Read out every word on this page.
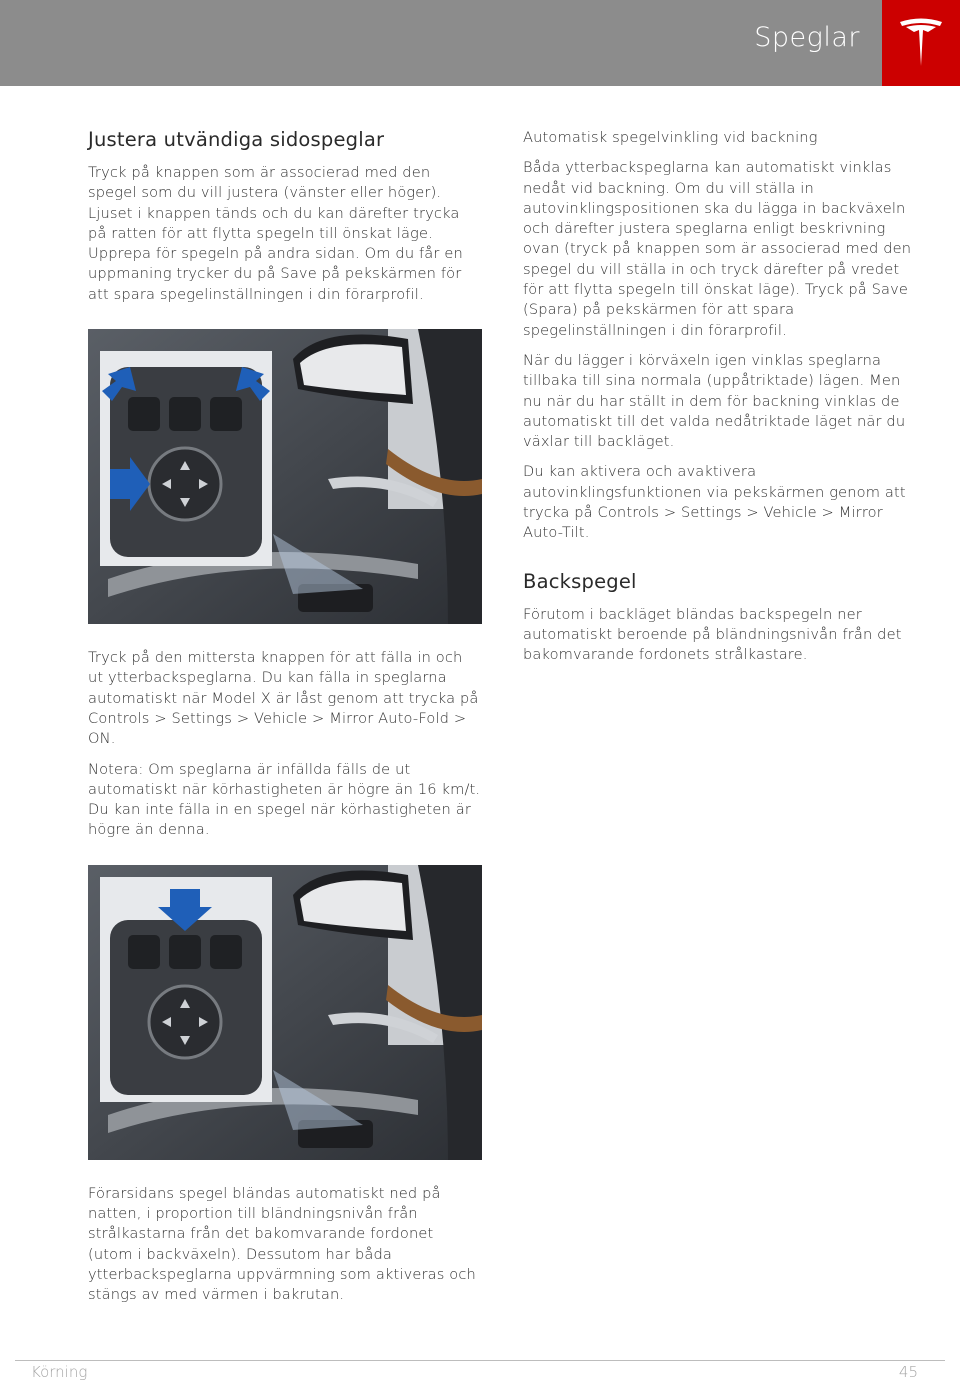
Speglar
Justera utvändiga sidospeglar

Tryck på knappen som är associerad med den spegel som du vill justera (vänster eller höger). Ljuset i knappen tänds och du kan därefter trycka på ratten för att flytta spegeln till önskat läge. Upprepa för spegeln på andra sidan. Om du får en uppmaning trycker du på Save på pekskärmen för att spara spegelinställningen i din förarprofil.

Tryck på den mittersta knappen för att fälla in och ut ytterbackspeglarna. Du kan fälla in speglarna automatiskt när Model X är låst genom att trycka på Controls > Settings > Vehicle > Mirror Auto-Fold > ON.

Notera: Om speglarna är infällda fälls de ut automatiskt när körhastigheten är högre än 16 km/t. Du kan inte fälla in en spegel när körhastigheten är högre än denna.

Förarsidans spegel bländas automatiskt ned på natten, i proportion till bländningsnivån från strålkastarna från det bakomvarande fordonet (utom i backväxeln). Dessutom har båda ytterbackspeglarna uppvärmning som aktiveras och stängs av med värmen i bakrutan.

Automatisk spegelvinkling vid backning

Båda ytterbackspeglarna kan automatiskt vinklas nedåt vid backning. Om du vill ställa in autovinklingspositionen ska du lägga in backväxeln och därefter justera speglarna enligt beskrivning ovan (tryck på knappen som är associerad med den spegel du vill ställa in och tryck därefter på vredet för att flytta spegeln till önskat läge). Tryck på Save (Spara) på pekskärmen för att spara spegelinställningen i din förarprofil.

När du lägger i körväxeln igen vinklas speglarna tillbaka till sina normala (uppåtriktade) lägen. Men nu när du har ställt in dem för backning vinklas de automatiskt till det valda nedåtriktade läget när du växlar till backläget.

Du kan aktivera och avaktivera autovinklingsfunktionen via pekskärmen genom att trycka på Controls > Settings > Vehicle > Mirror Auto-Tilt.

Backspegel

Förutom i backläget bländas backspegeln ner automatiskt beroende på bländningsnivån från det bakomvarande fordonets strålkastare.

Körning	45
